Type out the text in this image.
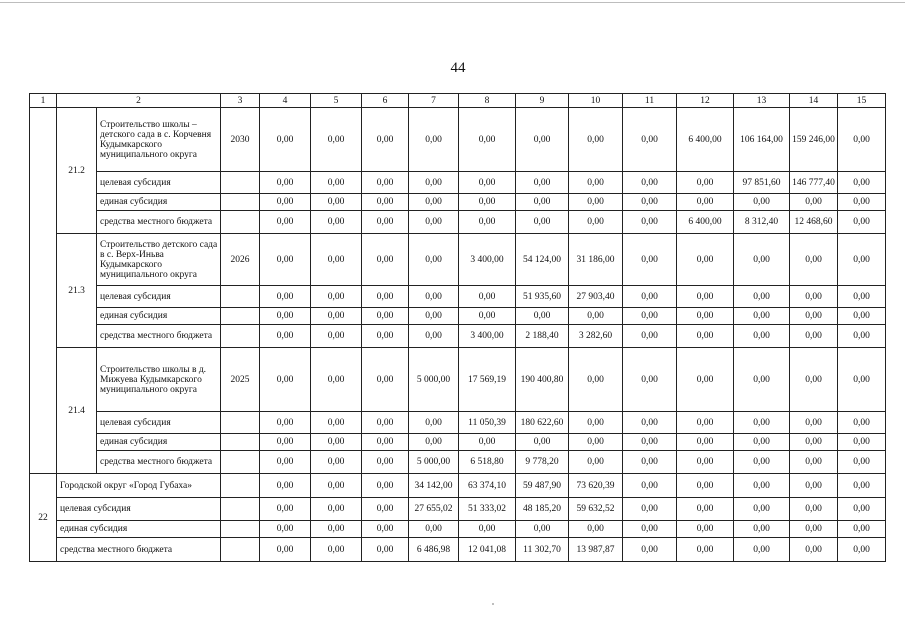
44
1	2		3	4	5	6	7	8	9	10	11	12	13	14	15
	21.2	Строительство школы – детского сада в с. Корчевня Кудымкарского муниципального округа	2030	0,00	0,00	0,00	0,00	0,00	0,00	0,00	0,00	6 400,00	106 164,00	159 246,00	0,00
		целевая субсидия		0,00	0,00	0,00	0,00	0,00	0,00	0,00	0,00	0,00	97 851,60	146 777,40	0,00
		единая субсидия		0,00	0,00	0,00	0,00	0,00	0,00	0,00	0,00	0,00	0,00	0,00	0,00
		средства местного бюджета		0,00	0,00	0,00	0,00	0,00	0,00	0,00	0,00	6 400,00	8 312,40	12 468,60	0,00
	21.3	Строительство детского сада в с. Верх-Иньва Кудымкарского муниципального округа	2026	0,00	0,00	0,00	0,00	3 400,00	54 124,00	31 186,00	0,00	0,00	0,00	0,00	0,00
		целевая субсидия		0,00	0,00	0,00	0,00	0,00	51 935,60	27 903,40	0,00	0,00	0,00	0,00	0,00
		единая субсидия		0,00	0,00	0,00	0,00	0,00	0,00	0,00	0,00	0,00	0,00	0,00	0,00
		средства местного бюджета		0,00	0,00	0,00	0,00	3 400,00	2 188,40	3 282,60	0,00	0,00	0,00	0,00	0,00
	21.4	Строительство школы в д. Мижуева Кудымкарского муниципального округа	2025	0,00	0,00	0,00	5 000,00	17 569,19	190 400,80	0,00	0,00	0,00	0,00	0,00	0,00
		целевая субсидия		0,00	0,00	0,00	0,00	11 050,39	180 622,60	0,00	0,00	0,00	0,00	0,00	0,00
		единая субсидия		0,00	0,00	0,00	0,00	0,00	0,00	0,00	0,00	0,00	0,00	0,00	0,00
		средства местного бюджета		0,00	0,00	0,00	5 000,00	6 518,80	9 778,20	0,00	0,00	0,00	0,00	0,00	0,00
22	Городской округ «Город Губаха»			0,00	0,00	0,00	34 142,00	63 374,10	59 487,90	73 620,39	0,00	0,00	0,00	0,00	0,00
	целевая субсидия			0,00	0,00	0,00	27 655,02	51 333,02	48 185,20	59 632,52	0,00	0,00	0,00	0,00	0,00
	единая субсидия			0,00	0,00	0,00	0,00	0,00	0,00	0,00	0,00	0,00	0,00	0,00	0,00
	средства местного бюджета			0,00	0,00	0,00	6 486,98	12 041,08	11 302,70	13 987,87	0,00	0,00	0,00	0,00	0,00
